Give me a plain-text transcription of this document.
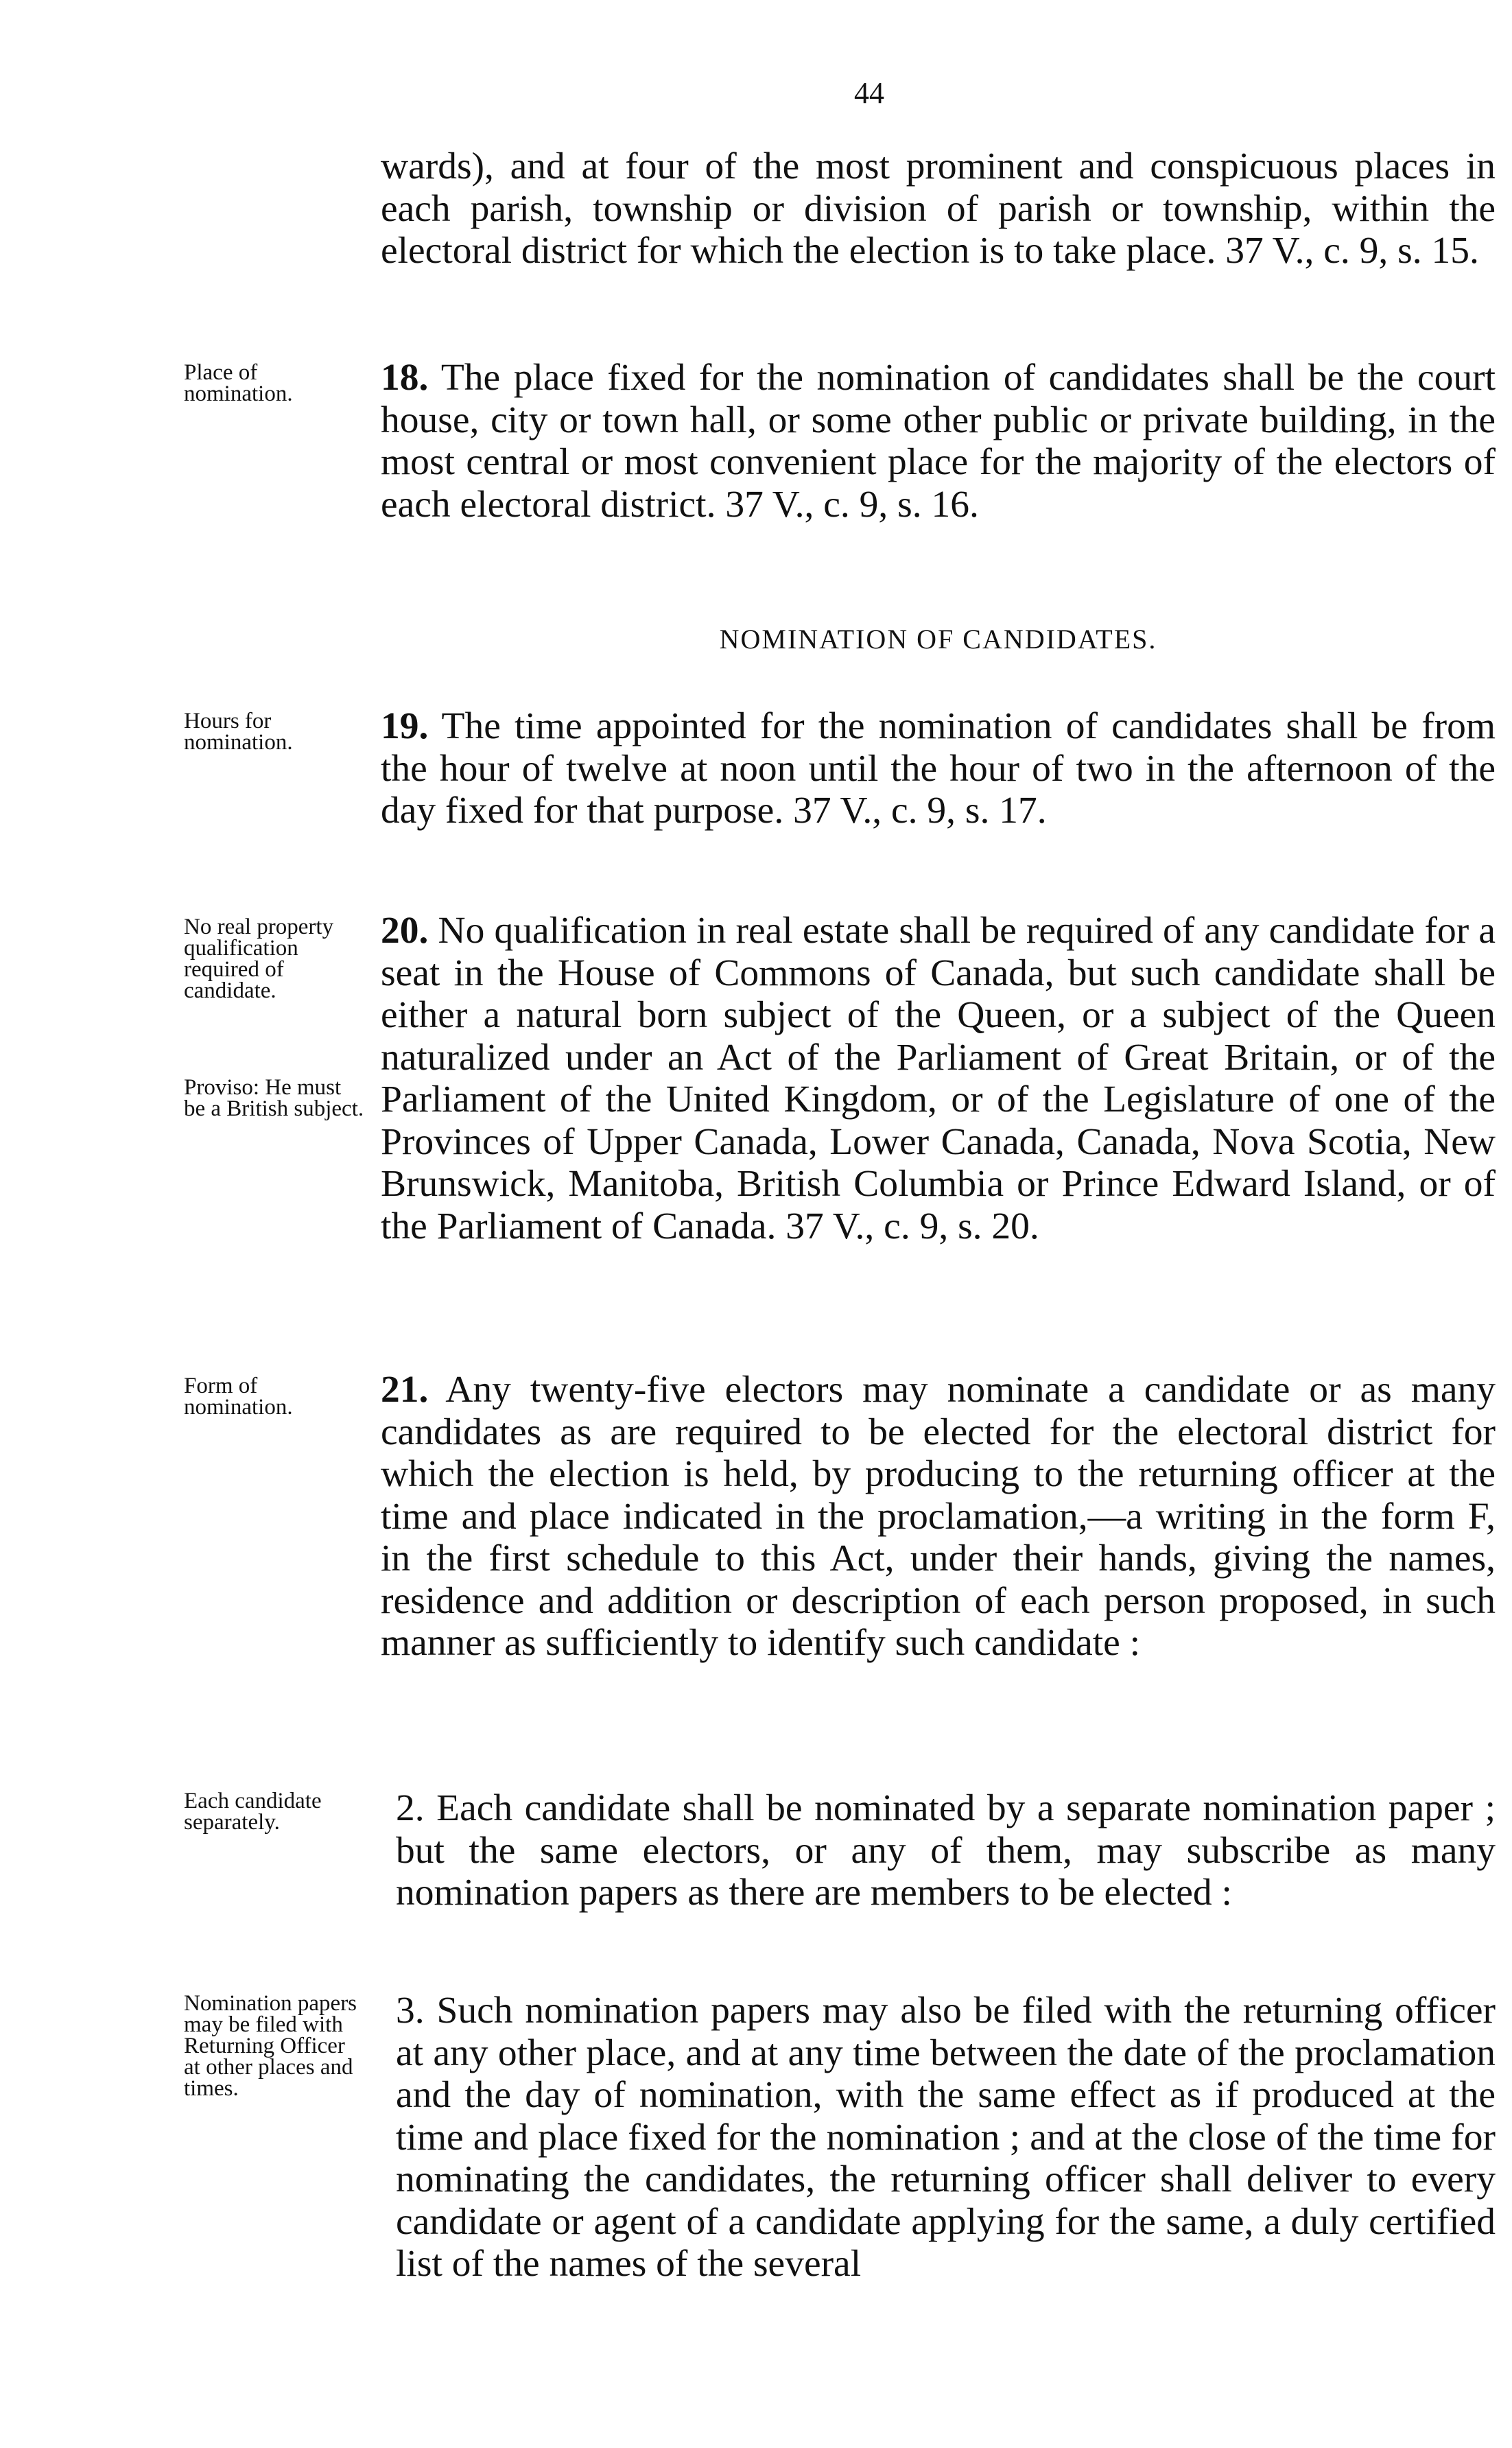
44

wards), and at four of the most prominent and conspicuous places in each parish, township or division of parish or township, within the electoral district for which the election is to take place. 37 V., c. 9, s. 15.

Place of nomination.	18. The place fixed for the nomination of candidates shall be the court house, city or town hall, or some other public or private building, in the most central or most convenient place for the majority of the electors of each electoral district. 37 V., c. 9, s. 16.

NOMINATION OF CANDIDATES.
Hours for nomination.	19. The time appointed for the nomination of candidates shall be from the hour of twelve at noon until the hour of two in the afternoon of the day fixed for that purpose. 37 V., c. 9, s. 17.

No real property qualification required of candidate.
Proviso: He must be a British subject.

20. No qualification in real estate shall be required of any candidate for a seat in the House of Commons of Canada, but such candidate shall be either a natural born subject of the Queen, or a subject of the Queen naturalized under an Act of the Parliament of Great Britain, or of the Parliament of the United Kingdom, or of the Legislature of one of the Provinces of Upper Canada, Lower Canada, Canada, Nova Scotia, New Brunswick, Manitoba, British Columbia or Prince Edward Island, or of the Parliament of Canada. 37 V., c. 9, s. 20.

Form of nomination.	21. Any twenty-five electors may nominate a candidate or as many candidates as are required to be elected for the electoral district for which the election is held, by producing to the returning officer at the time and place indicated in the proclamation,—a writing in the form F, in the first schedule to this Act, under their hands, giving the names, residence and addition or description of each person proposed, in such manner as sufficiently to identify such candidate :

Each candidate separately.	2. Each candidate shall be nominated by a separate nomination paper ; but the same electors, or any of them, may subscribe as many nomination papers as there are members to be elected :

Nomination papers may be filed with Returning Officer at other places and times.

3. Such nomination papers may also be filed with the returning officer at any other place, and at any time between the date of the proclamation and the day of nomination, with the same effect as if produced at the time and place fixed for the nomination ; and at the close of the time for nominating the candidates, the returning officer shall deliver to every candidate or agent of a candidate applying for the same, a duly certified list of the names of the several
